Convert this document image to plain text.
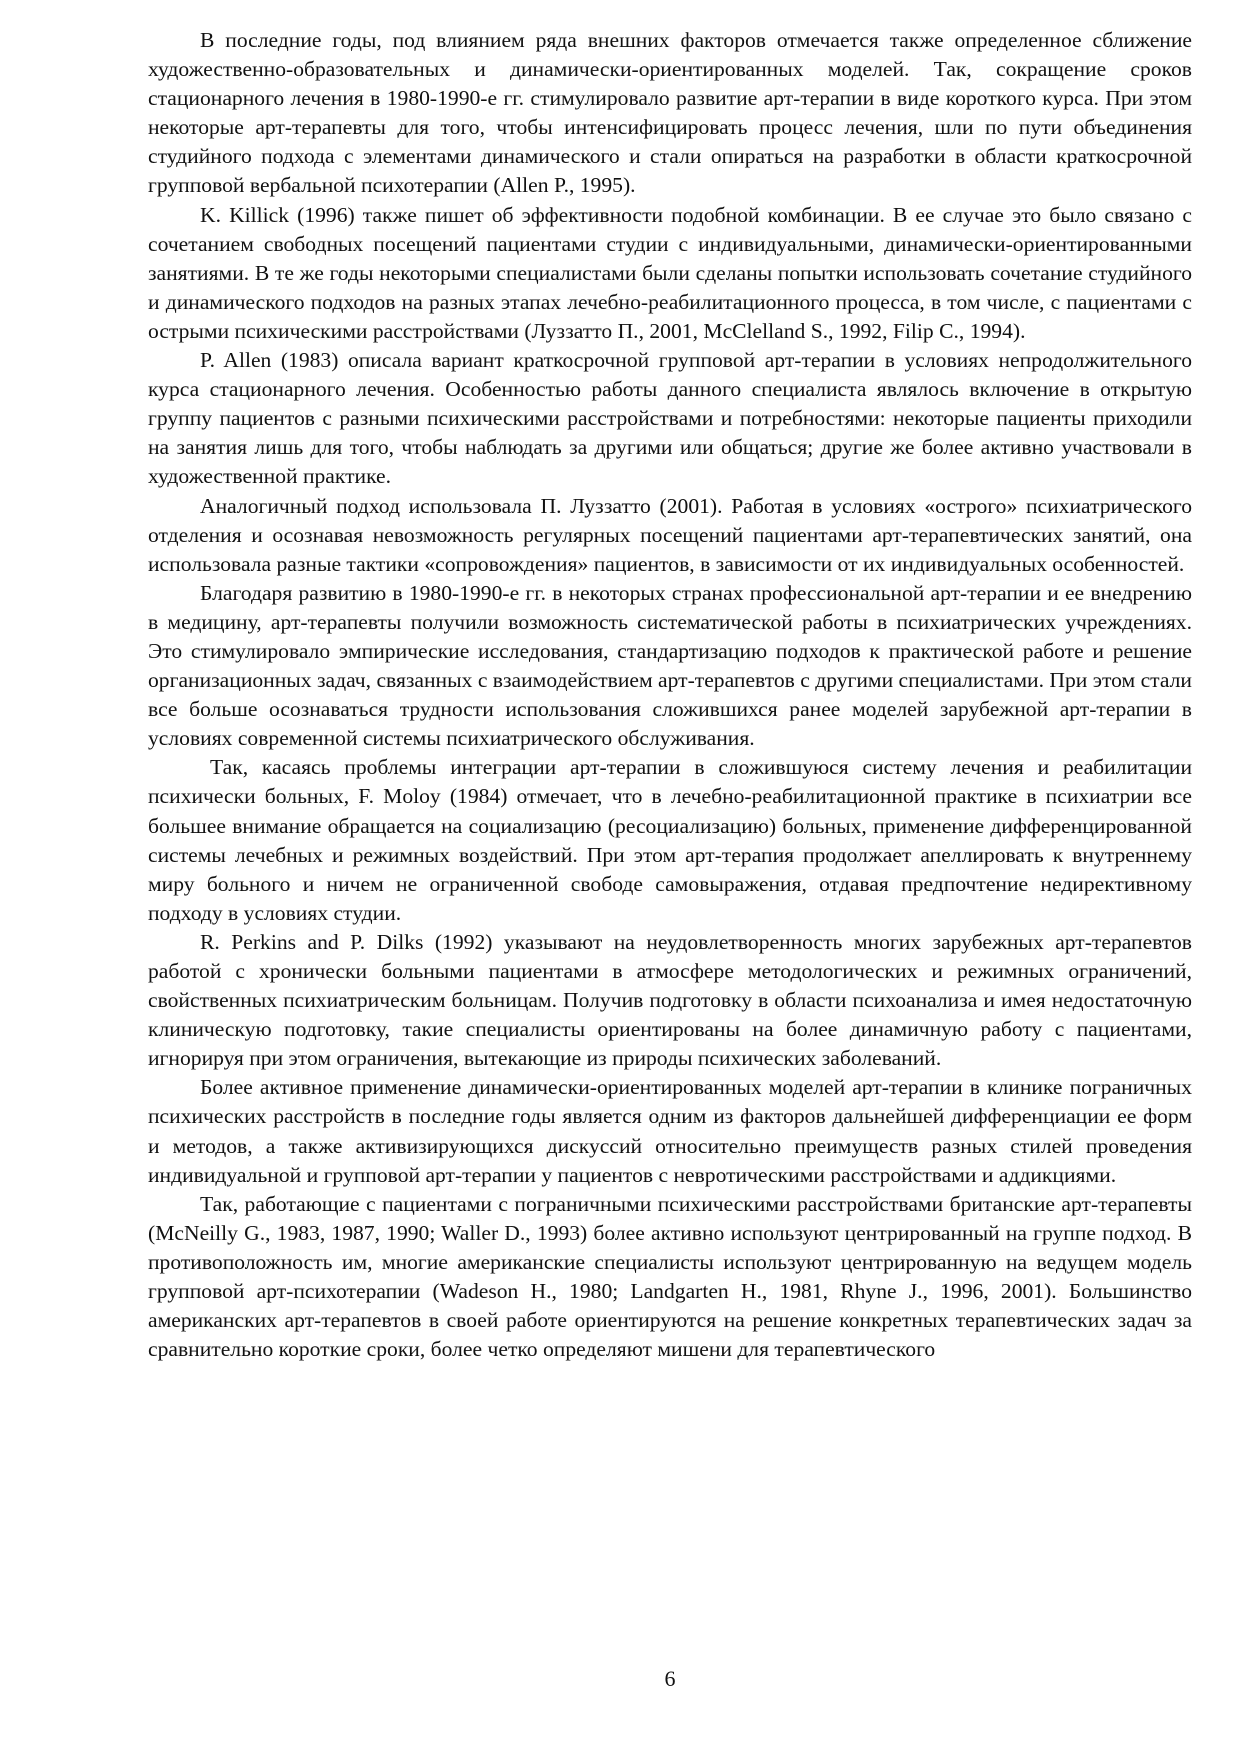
В последние годы, под влиянием ряда внешних факторов отмечается также определенное сближение художественно-образовательных и динамически-ориентированных моделей. Так, сокращение сроков стационарного лечения в 1980-1990-е гг. стимулировало развитие арт-терапии в виде короткого курса. При этом некоторые арт-терапевты для того, чтобы интенсифицировать процесс лечения, шли по пути объединения студийного подхода с элементами динамического и стали опираться на разработки в области краткосрочной групповой вербальной психотерапии (Allen P., 1995).

K. Killick (1996) также пишет об эффективности подобной комбинации. В ее случае это было связано с сочетанием свободных посещений пациентами студии с индивидуальными, динамически-ориентированными занятиями. В те же годы некоторыми специалистами были сделаны попытки использовать сочетание студийного и динамического подходов на разных этапах лечебно-реабилитационного процесса, в том числе, с пациентами с острыми психическими расстройствами (Луззатто П., 2001, McClelland S., 1992, Filip C., 1994).

P. Allen (1983) описала вариант краткосрочной групповой арт-терапии в условиях непродолжительного курса стационарного лечения. Особенностью работы данного специалиста являлось включение в открытую группу пациентов с разными психическими расстройствами и потребностями: некоторые пациенты приходили на занятия лишь для того, чтобы наблюдать за другими или общаться; другие же более активно участвовали в художественной практике.

Аналогичный подход использовала П. Луззатто (2001). Работая в условиях «острого» психиатрического отделения и осознавая невозможность регулярных посещений пациентами арт-терапевтических занятий, она использовала разные тактики «сопровождения» пациентов, в зависимости от их индивидуальных особенностей.

Благодаря развитию в 1980-1990-е гг. в некоторых странах профессиональной арт-терапии и ее внедрению в медицину, арт-терапевты получили возможность систематической работы в психиатрических учреждениях. Это стимулировало эмпирические исследования, стандартизацию подходов к практической работе и решение организационных задач, связанных с взаимодействием арт-терапевтов с другими специалистами. При этом стали все больше осознаваться трудности использования сложившихся ранее моделей зарубежной арт-терапии в условиях современной системы психиатрического обслуживания.

Так, касаясь проблемы интеграции арт-терапии в сложившуюся систему лечения и реабилитации психически больных, F. Moloy (1984) отмечает, что в лечебно-реабилитационной практике в психиатрии все большее внимание обращается на социализацию (ресоциализацию) больных, применение дифференцированной системы лечебных и режимных воздействий. При этом арт-терапия продолжает апеллировать к внутреннему миру больного и ничем не ограниченной свободе самовыражения, отдавая предпочтение недирективному подходу в условиях студии.

R. Perkins and P. Dilks (1992) указывают на неудовлетворенность многих зарубежных арт-терапевтов работой с хронически больными пациентами в атмосфере методологических и режимных ограничений, свойственных психиатрическим больницам. Получив подготовку в области психоанализа и имея недостаточную клиническую подготовку, такие специалисты ориентированы на более динамичную работу с пациентами, игнорируя при этом ограничения, вытекающие из природы психических заболеваний.

Более активное применение динамически-ориентированных моделей арт-терапии в клинике пограничных психических расстройств в последние годы является одним из факторов дальнейшей дифференциации ее форм и методов, а также активизирующихся дискуссий относительно преимуществ разных стилей проведения индивидуальной и групповой арт-терапии у пациентов с невротическими расстройствами и аддикциями.

Так, работающие с пациентами с пограничными психическими расстройствами британские арт-терапевты (McNeilly G., 1983, 1987, 1990; Waller D., 1993) более активно используют центрированный на группе подход. В противоположность им, многие американские специалисты используют центрированную на ведущем модель групповой арт-психотерапии (Wadeson H., 1980; Landgarten H., 1981, Rhyne J., 1996, 2001). Большинство американских арт-терапевтов в своей работе ориентируются на решение конкретных терапевтических задач за сравнительно короткие сроки, более четко определяют мишени для терапевтического

6
